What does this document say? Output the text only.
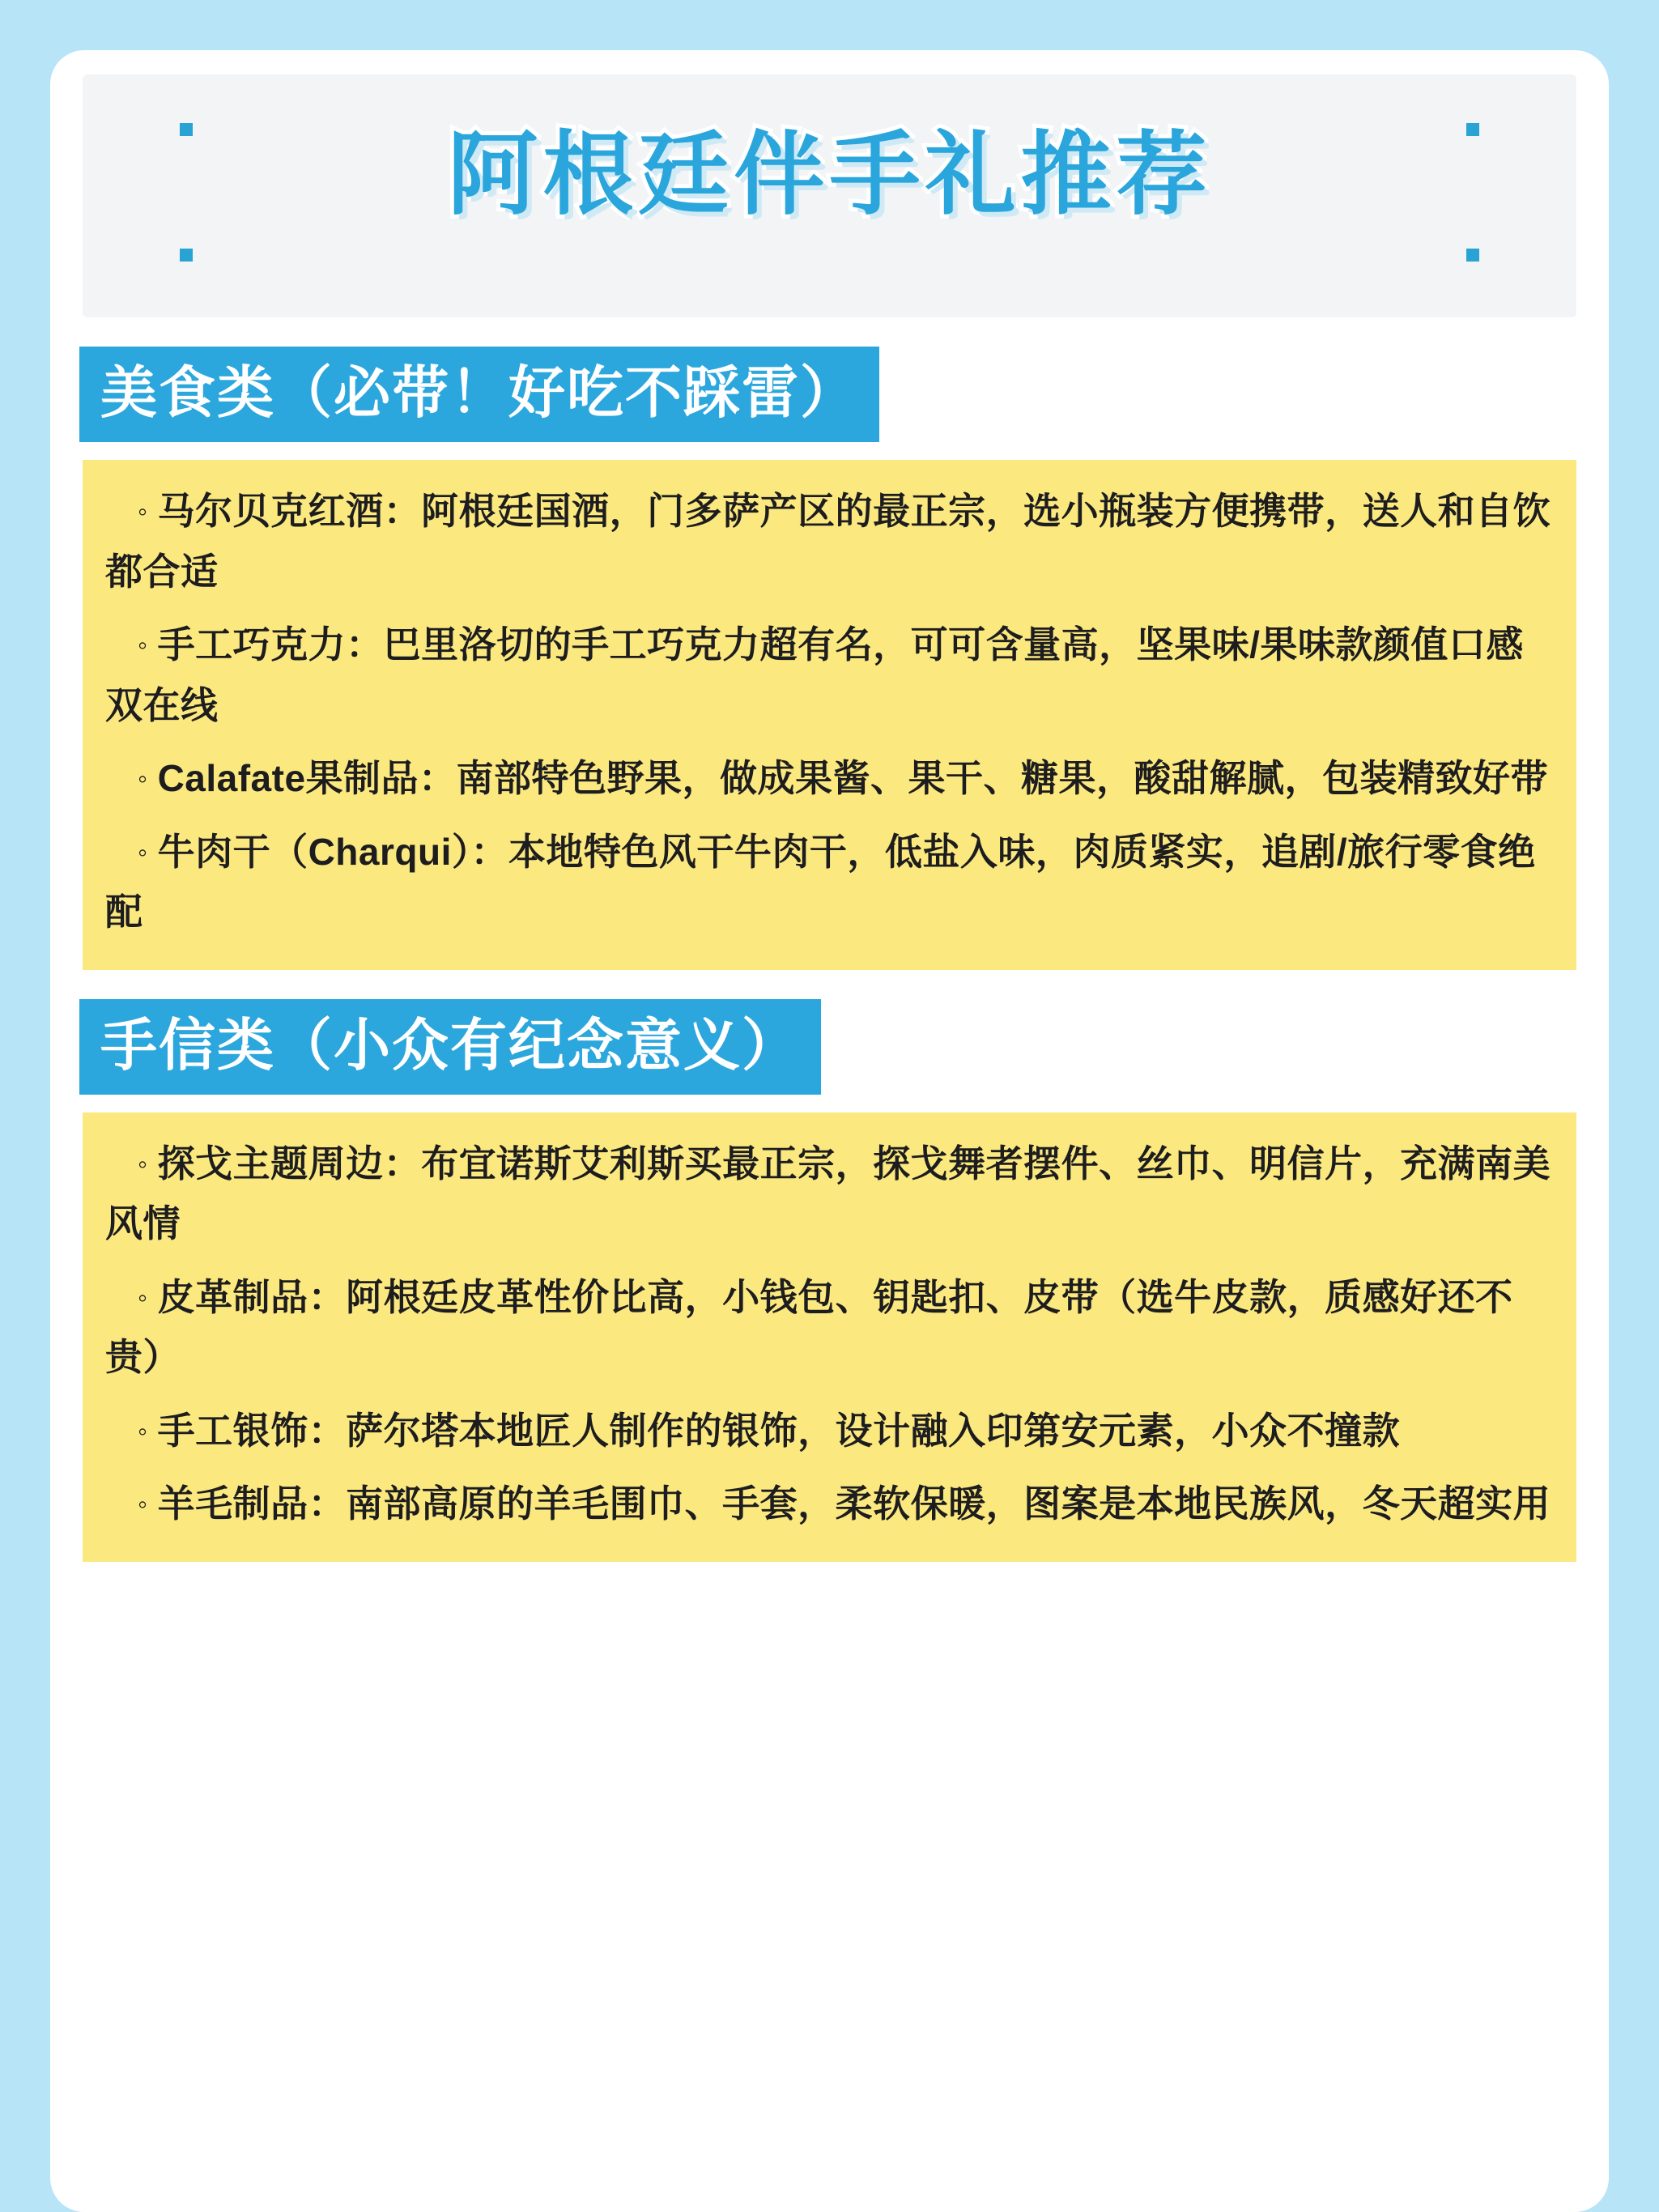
阿根廷伴手礼推荐
美食类（必带！好吃不踩雷）

◦ 马尔贝克红酒：阿根廷国酒，门多萨产区的最正宗，选小瓶装方便携带，送人和自饮都合适

◦ 手工巧克力：巴里洛切的手工巧克力超有名，可可含量高，坚果味/果味款颜值口感双在线

◦ Calafate果制品：南部特色野果，做成果酱、果干、糖果，酸甜解腻，包装精致好带

◦ 牛肉干（Charqui）：本地特色风干牛肉干，低盐入味，肉质紧实，追剧/旅行零食绝配

手信类（小众有纪念意义）

◦ 探戈主题周边：布宜诺斯艾利斯买最正宗，探戈舞者摆件、丝巾、明信片，充满南美风情

◦ 皮革制品：阿根廷皮革性价比高，小钱包、钥匙扣、皮带（选牛皮款，质感好还不贵）

◦ 手工银饰：萨尔塔本地匠人制作的银饰，设计融入印第安元素，小众不撞款

◦ 羊毛制品：南部高原的羊毛围巾、手套，柔软保暖，图案是本地民族风，冬天超实用
